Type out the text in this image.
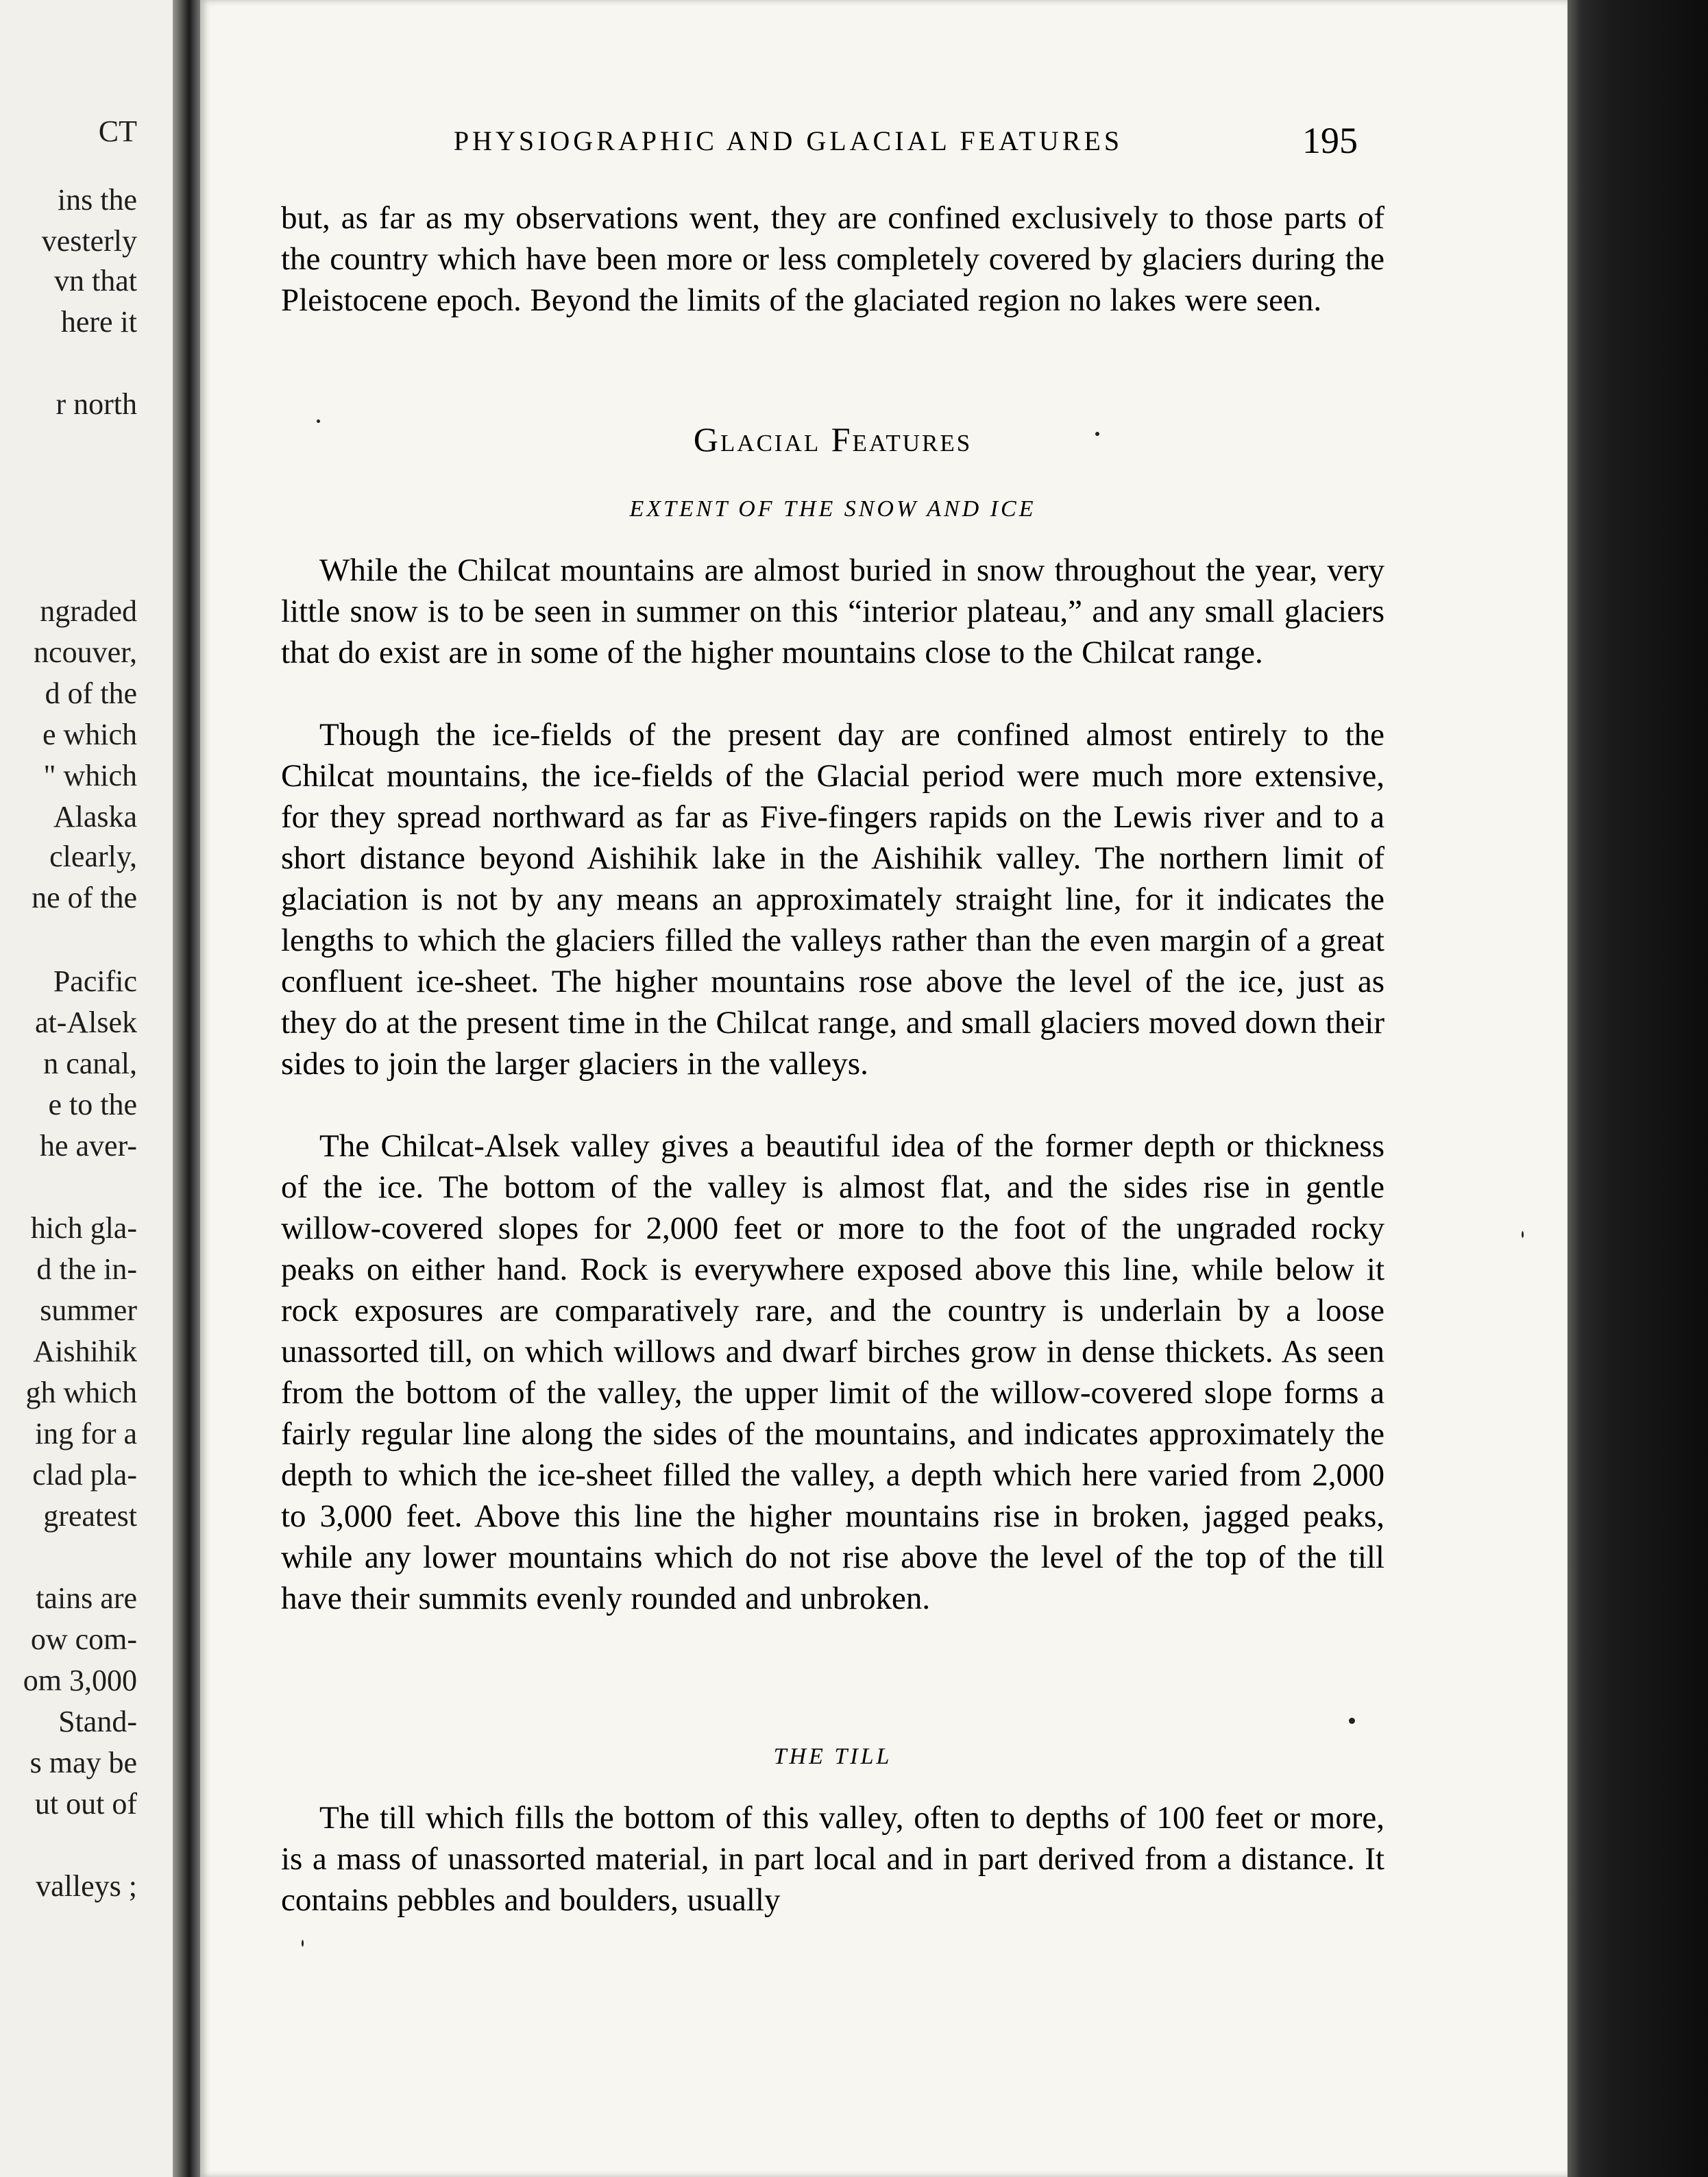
CT
ins the
vesterly
vn that
here it
r north
ngraded
ncouver,
d of the
e which
" which
Alaska
clearly,
ne of the
Pacific
at-Alsek
n canal,
e to the
he aver-
hich gla-
d the in-
summer
Aishihik
gh which
ing for a
clad pla-
greatest
tains are
ow com-
om 3,000
Stand-
s may be
ut out of
valleys ;
PHYSIOGRAPHIC AND GLACIAL FEATURES	195

but, as far as my observations went, they are confined exclusively to those parts of the country which have been more or less completely covered by glaciers during the Pleistocene epoch. Beyond the limits of the glaciated region no lakes were seen.

Glacial Features
EXTENT OF THE SNOW AND ICE

While the Chilcat mountains are almost buried in snow throughout the year, very little snow is to be seen in summer on this “interior plateau,” and any small glaciers that do exist are in some of the higher mountains close to the Chilcat range.

Though the ice-fields of the present day are confined almost entirely to the Chilcat mountains, the ice-fields of the Glacial period were much more extensive, for they spread northward as far as Five-fingers rapids on the Lewis river and to a short distance beyond Aishihik lake in the Aishihik valley. The northern limit of glaciation is not by any means an approximately straight line, for it indicates the lengths to which the glaciers filled the valleys rather than the even margin of a great confluent ice-sheet. The higher mountains rose above the level of the ice, just as they do at the present time in the Chilcat range, and small glaciers moved down their sides to join the larger glaciers in the valleys.

The Chilcat-Alsek valley gives a beautiful idea of the former depth or thickness of the ice. The bottom of the valley is almost flat, and the sides rise in gentle willow-covered slopes for 2,000 feet or more to the foot of the ungraded rocky peaks on either hand. Rock is everywhere exposed above this line, while below it rock exposures are comparatively rare, and the country is underlain by a loose unassorted till, on which willows and dwarf birches grow in dense thickets. As seen from the bottom of the valley, the upper limit of the willow-covered slope forms a fairly regular line along the sides of the mountains, and indicates approximately the depth to which the ice-sheet filled the valley, a depth which here varied from 2,000 to 3,000 feet. Above this line the higher mountains rise in broken, jagged peaks, while any lower mountains which do not rise above the level of the top of the till have their summits evenly rounded and unbroken.

THE TILL

The till which fills the bottom of this valley, often to depths of 100 feet or more, is a mass of unassorted material, in part local and in part derived from a distance. It contains pebbles and boulders, usually
